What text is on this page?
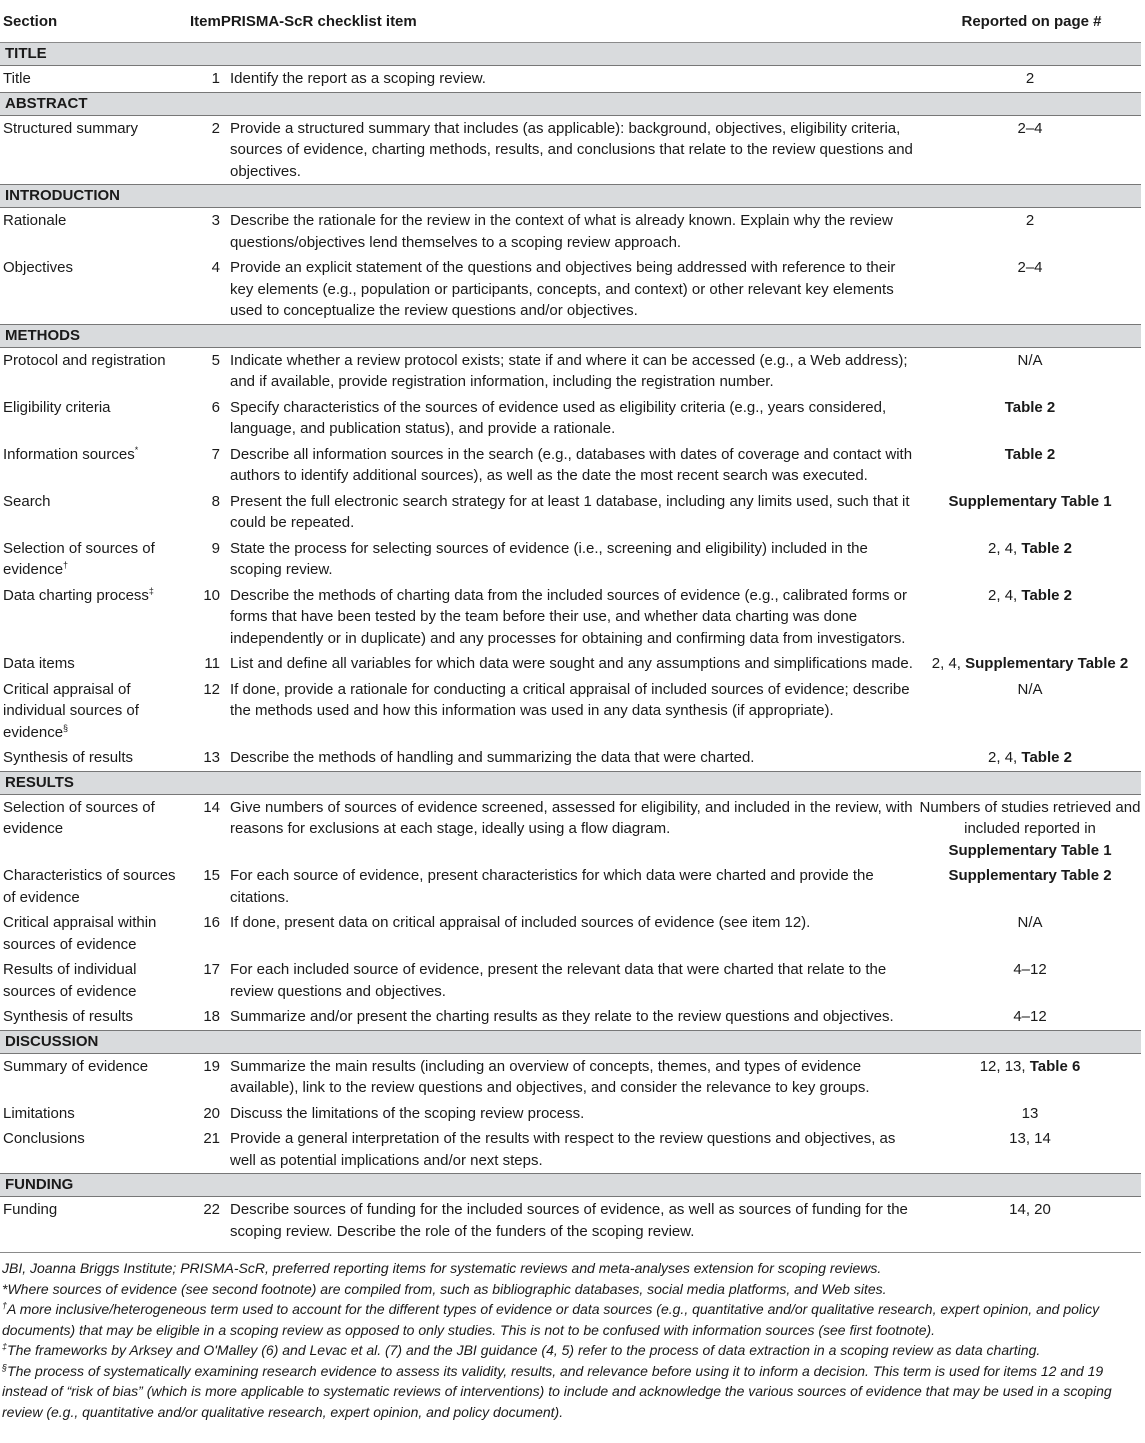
Section	ItemPRISMA-ScR checklist item		Reported on page #
TITLE			
Title	1	Identify the report as a scoping review.	2
ABSTRACT			
Structured summary	2	Provide a structured summary that includes (as applicable): background, objectives, eligibility criteria, sources of evidence, charting methods, results, and conclusions that relate to the review questions and objectives.	2–4
INTRODUCTION			
Rationale	3	Describe the rationale for the review in the context of what is already known. Explain why the review questions/objectives lend themselves to a scoping review approach.	2
Objectives	4	Provide an explicit statement of the questions and objectives being addressed with reference to their key elements (e.g., population or participants, concepts, and context) or other relevant key elements used to conceptualize the review questions and/or objectives.	2–4
METHODS			
Protocol and registration	5	Indicate whether a review protocol exists; state if and where it can be accessed (e.g., a Web address); and if available, provide registration information, including the registration number.	N/A
Eligibility criteria	6	Specify characteristics of the sources of evidence used as eligibility criteria (e.g., years considered, language, and publication status), and provide a rationale.	Table 2
Information sources*	7	Describe all information sources in the search (e.g., databases with dates of coverage and contact with authors to identify additional sources), as well as the date the most recent search was executed.	Table 2
Search	8	Present the full electronic search strategy for at least 1 database, including any limits used, such that it could be repeated.	Supplementary Table 1
Selection of sources of evidence†	9	State the process for selecting sources of evidence (i.e., screening and eligibility) included in the scoping review.	2, 4, Table 2
Data charting process‡	10	Describe the methods of charting data from the included sources of evidence (e.g., calibrated forms or forms that have been tested by the team before their use, and whether data charting was done independently or in duplicate) and any processes for obtaining and confirming data from investigators.	2, 4, Table 2
Data items	11	List and define all variables for which data were sought and any assumptions and simplifications made.	2, 4, Supplementary Table 2
Critical appraisal of individual sources of evidence§	12	If done, provide a rationale for conducting a critical appraisal of included sources of evidence; describe the methods used and how this information was used in any data synthesis (if appropriate).	N/A
Synthesis of results	13	Describe the methods of handling and summarizing the data that were charted.	2, 4, Table 2
RESULTS			
Selection of sources of evidence	14	Give numbers of sources of evidence screened, assessed for eligibility, and included in the review, with reasons for exclusions at each stage, ideally using a flow diagram.	Numbers of studies retrieved and included reported in Supplementary Table 1
Characteristics of sources of evidence	15	For each source of evidence, present characteristics for which data were charted and provide the citations.	Supplementary Table 2
Critical appraisal within sources of evidence	16	If done, present data on critical appraisal of included sources of evidence (see item 12).	N/A
Results of individual sources of evidence	17	For each included source of evidence, present the relevant data that were charted that relate to the review questions and objectives.	4–12
Synthesis of results	18	Summarize and/or present the charting results as they relate to the review questions and objectives.	4–12
DISCUSSION			
Summary of evidence	19	Summarize the main results (including an overview of concepts, themes, and types of evidence available), link to the review questions and objectives, and consider the relevance to key groups.	12, 13, Table 6
Limitations	20	Discuss the limitations of the scoping review process.	13
Conclusions	21	Provide a general interpretation of the results with respect to the review questions and objectives, as well as potential implications and/or next steps.	13, 14
FUNDING			
Funding	22	Describe sources of funding for the included sources of evidence, as well as sources of funding for the scoping review. Describe the role of the funders of the scoping review.	14, 20

JBI, Joanna Briggs Institute; PRISMA-ScR, preferred reporting items for systematic reviews and meta-analyses extension for scoping reviews.

*Where sources of evidence (see second footnote) are compiled from, such as bibliographic databases, social media platforms, and Web sites.

†A more inclusive/heterogeneous term used to account for the different types of evidence or data sources (e.g., quantitative and/or qualitative research, expert opinion, and policy documents) that may be eligible in a scoping review as opposed to only studies. This is not to be confused with information sources (see first footnote).

‡The frameworks by Arksey and O'Malley (6) and Levac et al. (7) and the JBI guidance (4, 5) refer to the process of data extraction in a scoping review as data charting.

§The process of systematically examining research evidence to assess its validity, results, and relevance before using it to inform a decision. This term is used for items 12 and 19 instead of “risk of bias” (which is more applicable to systematic reviews of interventions) to include and acknowledge the various sources of evidence that may be used in a scoping review (e.g., quantitative and/or qualitative research, expert opinion, and policy document).
